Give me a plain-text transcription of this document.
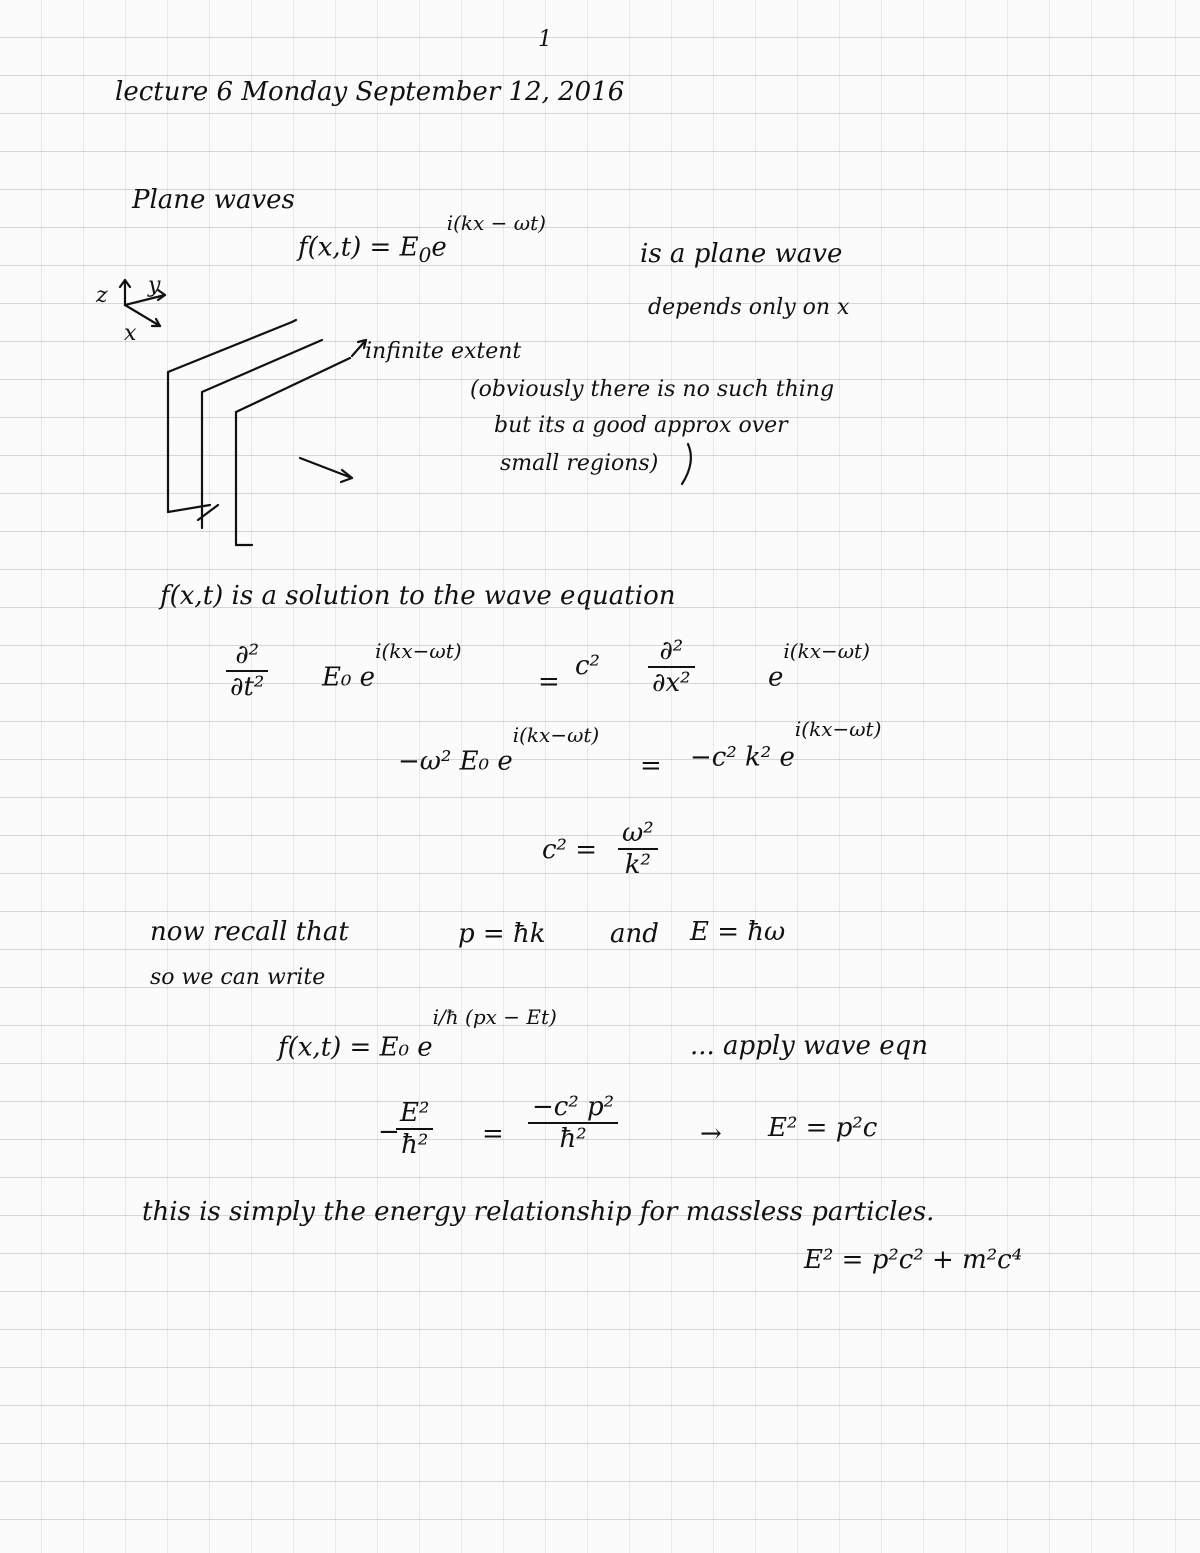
1
lecture 6 Monday September 12, 2016
Plane waves
$f(x,t) = E_0e^{i(kx - \omega t)}$
is a plane wave
depends only on x
z y
x
infinite extent
(obviously there is no such thing
but its a good approx over
small regions)
f(x,t) is a solution to the wave equation
∂²
∂t² E₀ $e^{i(kx-\omega t)}$
=
c²	∂²
∂x²	$e^{i(kx-\omega t)}$
−ω² E₀ $e^{i(kx-\omega t)}$
= −c² k² $e^{i(kx-\omega t)}$
$c^2 = \frac{\text{ω²}}{\text{k²}}$
now recall that	p = ħk and E = ħω
so we can write
f(x,t) = E₀ $e^{i/ħ (px - Et)}$
... apply wave eqn
−
$\frac{\text{E²}}{\text{ħ²}} = \frac{\text{−c² p²}}{\text{ħ²}}$	→ E² = p²c
this is simply the energy relationship for massless particles.
E² = p²c² + m²c⁴
